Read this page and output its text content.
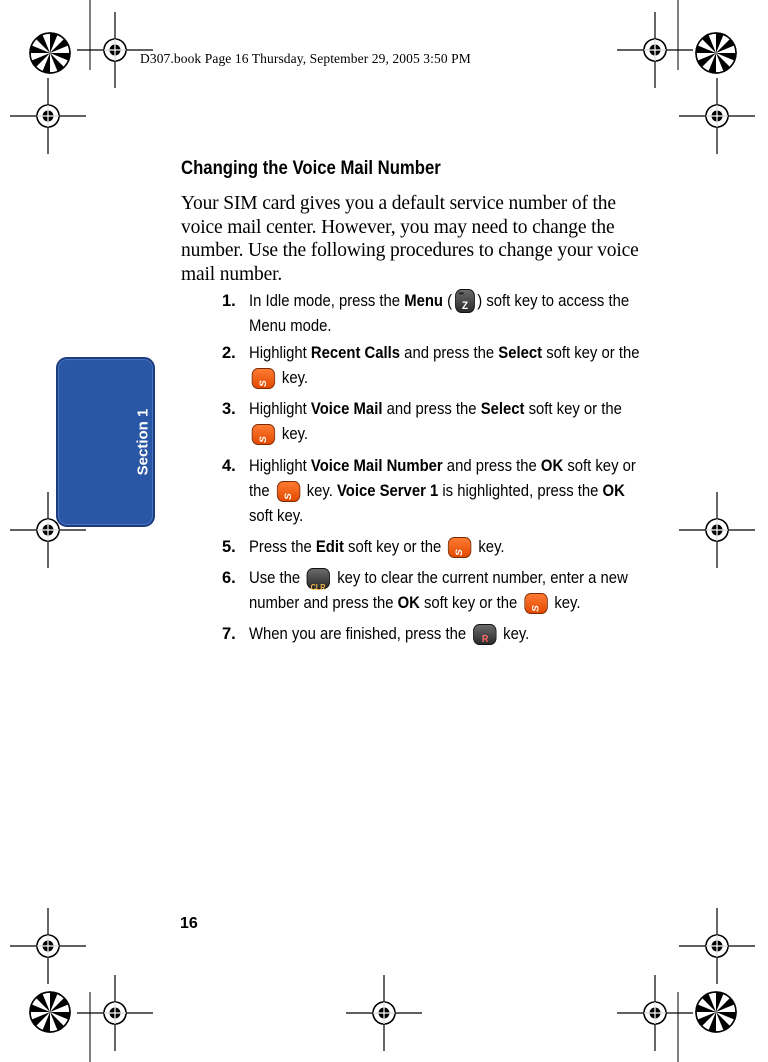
D307.book Page 16 Thursday, September 29, 2005 3:50 PM
Section 1
Changing the Voice Mail Number

Your SIM card gives you a default service number of the voice mail center. However, you may need to change the number. Use the following procedures to change your voice mail number.

1. In Idle mode, press the Menu (••• Z ) soft key to access the Menu mode.
2. Highlight Recent Calls and press the Select soft key or the S key.
3. Highlight Voice Mail and press the Select soft key or the S key.
4. Highlight Voice Mail Number and press the OK soft key or the S key. Voice Server 1 is highlighted, press the OK soft key.
5. Press the Edit soft key or the S key.
6. Use the CLR key to clear the current number, enter a new number and press the OK soft key or the S key.
7. When you are finished, press the R key.
16
